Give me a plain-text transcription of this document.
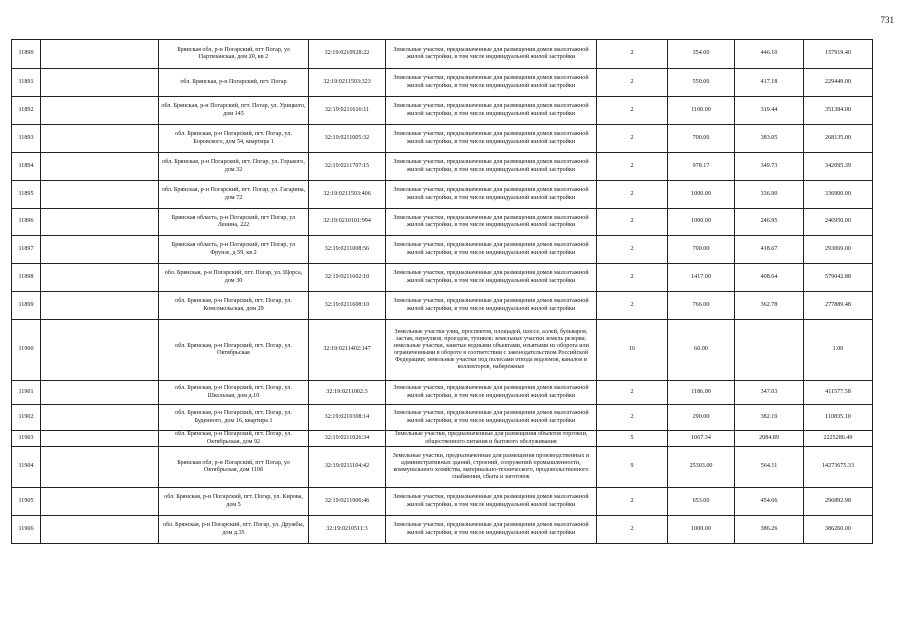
731
11890		Брянская обл, р-н Погарский, пгт Погар, ул Партизанская, дом 20, кв 2	32:19:0210928:22	Земельные участки, предназначенные для размещения домов малоэтажной жилой застройки, в том числе индивидуальной жилой застройки	2	354.00	446.10	157919.40
11891		обл. Брянская, р-н Погарский, пгт. Погар	32:19:0211503:323	Земельные участки, предназначенные для размещения домов малоэтажной жилой застройки, в том числе индивидуальной жилой застройки	2	550.00	417.18	229449.00
11892		обл. Брянская, р-н Погарский, пгт. Погар, ул. Урицкого, дом 145	32:19:0211616:11	Земельные участки, предназначенные для размещения домов малоэтажной жилой застройки, в том числе индивидуальной жилой застройки	2	1100.00	319.44	351384.00
11893		обл. Брянская, р-н Погарский, пгт. Погар, ул. Боровского, дом 54, квартира 1	32:19:0211005:32	Земельные участки, предназначенные для размещения домов малоэтажной жилой застройки, в том числе индивидуальной жилой застройки	2	700.00	383.05	268135.00
11894		обл. Брянская, р-н Погарский, пгт. Погар, ул. Горького, дом 32	32:19:0211707:15	Земельные участки, предназначенные для размещения домов малоэтажной жилой застройки, в том числе индивидуальной жилой застройки	2	978.17	349.73	342095.39
11895		обл. Брянская, р-н Погарский, пгт. Погар, ул. Гагарина, дом 72	32:19:0211503:406	Земельные участки, предназначенные для размещения домов малоэтажной жилой застройки, в том числе индивидуальной жилой застройки	2	1000.00	336.90	336900.00
11896		Брянская область, р-н Погарский, пгт Погар, ул Ленина, 222	32:19:0210101:994	Земельные участки, предназначенные для размещения домов малоэтажной жилой застройки, в том числе индивидуальной жилой застройки	2	1000.00	246.95	246950.00
11897		Брянская область, р-н Погарский, пгт Погар, ул Фрунзе, д 59, кв 2	32:19:0211008:56	Земельные участки, предназначенные для размещения домов малоэтажной жилой застройки, в том числе индивидуальной жилой застройки	2	700.00	418.67	293069.00
11898		обл. Брянская, р-н Погарский, пгт. Погар, ул. Щорса, дом 30	32:19:0211602:10	Земельные участки, предназначенные для размещения домов малоэтажной жилой застройки, в том числе индивидуальной жилой застройки	2	1417.00	408.64	579042.88
11899		обл. Брянская, р-н Погарский, пгт. Погар, ул. Комсомольская, дом 29	32:19:0211608:10	Земельные участки, предназначенные для размещения домов малоэтажной жилой застройки, в том числе индивидуальной жилой застройки	2	766.00	362.78	277889.48
11900		обл. Брянская, р-н Погарский, пгт. Погар, ул. Октябрьская	32:19:0211402:147	Земельные участки улиц, проспектов, площадей, шоссе, аллей, бульваров, застав, переулков, проездов, тупиков; земельные участки земель резерва; земельные участки, занятые водными объектами, изъятыми из оборота или ограниченными в обороте в соответствии с законодательством Российской Федерации; земельные участки под полосами отвода водоемов, каналов и коллекторов, набережные	16	60.00		1.00
11901		обл. Брянская, р-н Погарский, пгт. Погар, ул. Школьная, дом д.10	32:19:0211002:3	Земельные участки, предназначенные для размещения домов малоэтажной жилой застройки, в том числе индивидуальной жилой застройки	2	1186.00	347.03	411577.58
11902		обл. Брянская, р-н Погарский, пгт. Погар, ул. Буденного, дом 16, квартира 1	32:19:0210308:14	Земельные участки, предназначенные для размещения домов малоэтажной жилой застройки, в том числе индивидуальной жилой застройки	2	290.00	382.19	110835.10
11903		обл. Брянская, р-н Погарский, пгт. Погар, ул. Октябрьская, дом 92	32:19:0211026:34	Земельные участки, предназначенные для размещения объектов торговли, общественного питания и бытового обслуживания	5	1067.34	2084.89	2225286.49
11904		Брянская обл, р-н Погарский, пгт Погар, ул Октябрьская, дом 110б	32:19:0211104:42	Земельные участки, предназначенные для размещения производственных и административных зданий, строений, сооружений промышленности, коммунального хозяйства, материально-технического, продовольственного снабжения, сбыта и заготовок	9	25303.00	564.11	14273675.33
11905		обл. Брянская, р-н Погарский, пгт. Погар, ул. Кирова, дом 5	32:19:0211906:46	Земельные участки, предназначенные для размещения домов малоэтажной жилой застройки, в том числе индивидуальной жилой застройки	2	653.00	454.66	296892.98
11906		обл. Брянская, р-н Погарский, пгт. Погар, ул. Дружбы, дом д.35	32:19:0210511:3	Земельные участки, предназначенные для размещения домов малоэтажной жилой застройки, в том числе индивидуальной жилой застройки	2	1000.00	386.26	386260.00
